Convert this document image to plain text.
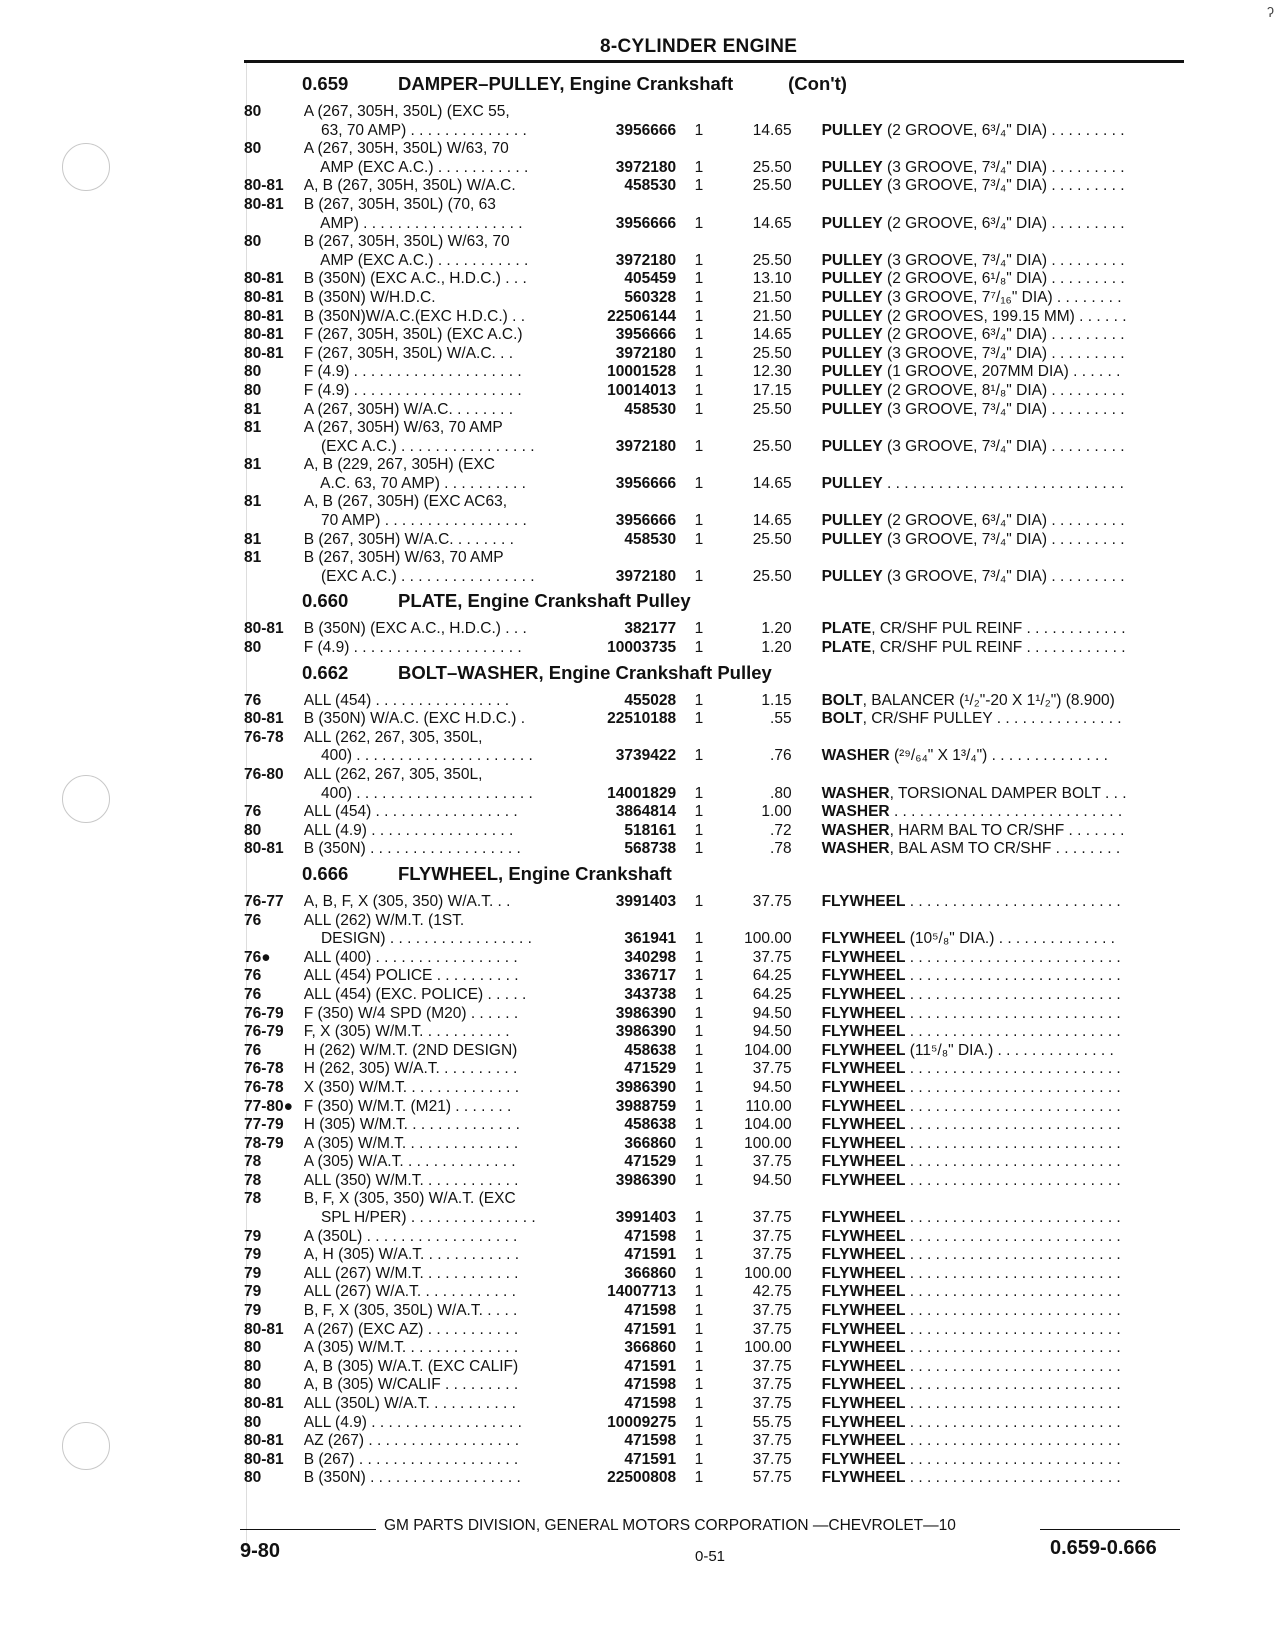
ʔ
8-CYLINDER ENGINE
0.659	DAMPER–PULLEY, Engine Crankshaft	(Con't)
80	A (267, 305H, 350L) (EXC 55,
63, 70 AMP) . . . . . . . . . . . . . .	3956666	1	14.65	PULLEY (2 GROOVE, 6³/₄" DIA) . . . . . . . . .
80	A (267, 305H, 350L) W/63, 70
AMP (EXC A.C.) . . . . . . . . . . .	3972180	1	25.50	PULLEY (3 GROOVE, 7³/₄" DIA) . . . . . . . . .
80-81	A, B (267, 305H, 350L) W/A.C.	458530	1	25.50	PULLEY (3 GROOVE, 7³/₄" DIA) . . . . . . . . .
80-81	B (267, 305H, 350L) (70, 63
AMP) . . . . . . . . . . . . . . . . . . .	3956666	1	14.65	PULLEY (2 GROOVE, 6³/₄" DIA) . . . . . . . . .
80	B (267, 305H, 350L) W/63, 70
AMP (EXC A.C.) . . . . . . . . . . .	3972180	1	25.50	PULLEY (3 GROOVE, 7³/₄" DIA) . . . . . . . . .
80-81	B (350N) (EXC A.C., H.D.C.) . . .	405459	1	13.10	PULLEY (2 GROOVE, 6¹/₈" DIA) . . . . . . . . .
80-81	B (350N) W/H.D.C.	560328	1	21.50	PULLEY (3 GROOVE, 7⁷/₁₆" DIA) . . . . . . . .
80-81	B (350N)W/A.C.(EXC H.D.C.) . .	22506144	1	21.50	PULLEY (2 GROOVES, 199.15 MM) . . . . . .
80-81	F (267, 305H, 350L) (EXC A.C.)	3956666	1	14.65	PULLEY (2 GROOVE, 6³/₄" DIA) . . . . . . . . .
80-81	F (267, 305H, 350L) W/A.C. . .	3972180	1	25.50	PULLEY (3 GROOVE, 7³/₄" DIA) . . . . . . . . .
80	F (4.9) . . . . . . . . . . . . . . . . . . . .	10001528	1	12.30	PULLEY (1 GROOVE, 207MM DIA) . . . . . .
80	F (4.9) . . . . . . . . . . . . . . . . . . . .	10014013	1	17.15	PULLEY (2 GROOVE, 8¹/₈" DIA) . . . . . . . . .
81	A (267, 305H) W/A.C. . . . . . . .	458530	1	25.50	PULLEY (3 GROOVE, 7³/₄" DIA) . . . . . . . . .
81	A (267, 305H) W/63, 70 AMP
(EXC A.C.) . . . . . . . . . . . . . . . .	3972180	1	25.50	PULLEY (3 GROOVE, 7³/₄" DIA) . . . . . . . . .
81	A, B (229, 267, 305H) (EXC
A.C. 63, 70 AMP) . . . . . . . . . .	3956666	1	14.65	PULLEY . . . . . . . . . . . . . . . . . . . . . . . . . . . .
81	A, B (267, 305H) (EXC AC63,
70 AMP) . . . . . . . . . . . . . . . . .	3956666	1	14.65	PULLEY (2 GROOVE, 6³/₄" DIA) . . . . . . . . .
81	B (267, 305H) W/A.C. . . . . . . .	458530	1	25.50	PULLEY (3 GROOVE, 7³/₄" DIA) . . . . . . . . .
81	B (267, 305H) W/63, 70 AMP
(EXC A.C.) . . . . . . . . . . . . . . . .	3972180	1	25.50	PULLEY (3 GROOVE, 7³/₄" DIA) . . . . . . . . .
0.660	PLATE, Engine Crankshaft Pulley
80-81	B (350N) (EXC A.C., H.D.C.) . . .	382177	1	1.20	PLATE, CR/SHF PUL REINF . . . . . . . . . . . .
80	F (4.9) . . . . . . . . . . . . . . . . . . . .	10003735	1	1.20	PLATE, CR/SHF PUL REINF . . . . . . . . . . . .
0.662	BOLT–WASHER, Engine Crankshaft Pulley
76	ALL (454) . . . . . . . . . . . . . . . .	455028	1	1.15	BOLT, BALANCER (¹/₂"-20 X 1¹/₂") (8.900)
80-81	B (350N) W/A.C. (EXC H.D.C.) .	22510188	1	.55	BOLT, CR/SHF PULLEY . . . . . . . . . . . . . . .
76-78	ALL (262, 267, 305, 350L,
400) . . . . . . . . . . . . . . . . . . . . .	3739422	1	.76	WASHER (²⁹/₆₄" X 1³/₄") . . . . . . . . . . . . . .
76-80	ALL (262, 267, 305, 350L,
400) . . . . . . . . . . . . . . . . . . . . .	14001829	1	.80	WASHER, TORSIONAL DAMPER BOLT . . .
76	ALL (454) . . . . . . . . . . . . . . . . .	3864814	1	1.00	WASHER . . . . . . . . . . . . . . . . . . . . . . . . . . .
80	ALL (4.9) . . . . . . . . . . . . . . . . .	518161	1	.72	WASHER, HARM BAL TO CR/SHF . . . . . . .
80-81	B (350N) . . . . . . . . . . . . . . . . . .	568738	1	.78	WASHER, BAL ASM TO CR/SHF . . . . . . . .
0.666	FLYWHEEL, Engine Crankshaft
76-77	A, B, F, X (305, 350) W/A.T. . .	3991403	1	37.75	FLYWHEEL . . . . . . . . . . . . . . . . . . . . . . . . .
76	ALL (262) W/M.T. (1ST.
DESIGN) . . . . . . . . . . . . . . . . .	361941	1	100.00	FLYWHEEL (10⁵/₈" DIA.) . . . . . . . . . . . . . .
76●	ALL (400) . . . . . . . . . . . . . . . . .	340298	1	37.75	FLYWHEEL . . . . . . . . . . . . . . . . . . . . . . . . .
76	ALL (454) POLICE . . . . . . . . . .	336717	1	64.25	FLYWHEEL . . . . . . . . . . . . . . . . . . . . . . . . .
76	ALL (454) (EXC. POLICE) . . . . .	343738	1	64.25	FLYWHEEL . . . . . . . . . . . . . . . . . . . . . . . . .
76-79	F (350) W/4 SPD (M20) . . . . . .	3986390	1	94.50	FLYWHEEL . . . . . . . . . . . . . . . . . . . . . . . . .
76-79	F, X (305) W/M.T. . . . . . . . . . .	3986390	1	94.50	FLYWHEEL . . . . . . . . . . . . . . . . . . . . . . . . .
76	H (262) W/M.T. (2ND DESIGN)	458638	1	104.00	FLYWHEEL (11⁵/₈" DIA.) . . . . . . . . . . . . . .
76-78	H (262, 305) W/A.T. . . . . . . . . .	471529	1	37.75	FLYWHEEL . . . . . . . . . . . . . . . . . . . . . . . . .
76-78	X (350) W/M.T. . . . . . . . . . . . . .	3986390	1	94.50	FLYWHEEL . . . . . . . . . . . . . . . . . . . . . . . . .
77-80● F (350) W/M.T. (M21) . . . . . . .	3988759	1	110.00	FLYWHEEL . . . . . . . . . . . . . . . . . . . . . . . . .
77-79	H (305) W/M.T. . . . . . . . . . . . . .	458638	1	104.00	FLYWHEEL . . . . . . . . . . . . . . . . . . . . . . . . .
78-79	A (305) W/M.T. . . . . . . . . . . . . .	366860	1	100.00	FLYWHEEL . . . . . . . . . . . . . . . . . . . . . . . . .
78	A (305) W/A.T. . . . . . . . . . . . . .	471529	1	37.75	FLYWHEEL . . . . . . . . . . . . . . . . . . . . . . . . .
78	ALL (350) W/M.T. . . . . . . . . . . .	3986390	1	94.50	FLYWHEEL . . . . . . . . . . . . . . . . . . . . . . . . .
78	B, F, X (305, 350) W/A.T. (EXC
SPL H/PER) . . . . . . . . . . . . . . .	3991403	1	37.75	FLYWHEEL . . . . . . . . . . . . . . . . . . . . . . . . .
79	A (350L) . . . . . . . . . . . . . . . . . .	471598	1	37.75	FLYWHEEL . . . . . . . . . . . . . . . . . . . . . . . . .
79	A, H (305) W/A.T. . . . . . . . . . . .	471591	1	37.75	FLYWHEEL . . . . . . . . . . . . . . . . . . . . . . . . .
79	ALL (267) W/M.T. . . . . . . . . . . .	366860	1	100.00	FLYWHEEL . . . . . . . . . . . . . . . . . . . . . . . . .
79	ALL (267) W/A.T. . . . . . . . . . . .	14007713	1	42.75	FLYWHEEL . . . . . . . . . . . . . . . . . . . . . . . . .
79	B, F, X (305, 350L) W/A.T. . . . .	471598	1	37.75	FLYWHEEL . . . . . . . . . . . . . . . . . . . . . . . . .
80-81	A (267) (EXC AZ) . . . . . . . . . . .	471591	1	37.75	FLYWHEEL . . . . . . . . . . . . . . . . . . . . . . . . .
80	A (305) W/M.T. . . . . . . . . . . . . .	366860	1	100.00	FLYWHEEL . . . . . . . . . . . . . . . . . . . . . . . . .
80	A, B (305) W/A.T. (EXC CALIF)	471591	1	37.75	FLYWHEEL . . . . . . . . . . . . . . . . . . . . . . . . .
80	A, B (305) W/CALIF . . . . . . . . .	471598	1	37.75	FLYWHEEL . . . . . . . . . . . . . . . . . . . . . . . . .
80-81	ALL (350L) W/A.T. . . . . . . . . . .	471598	1	37.75	FLYWHEEL . . . . . . . . . . . . . . . . . . . . . . . . .
80	ALL (4.9) . . . . . . . . . . . . . . . . . .	10009275	1	55.75	FLYWHEEL . . . . . . . . . . . . . . . . . . . . . . . . .
80-81	AZ (267) . . . . . . . . . . . . . . . . . .	471598	1	37.75	FLYWHEEL . . . . . . . . . . . . . . . . . . . . . . . . .
80-81	B (267) . . . . . . . . . . . . . . . . . . .	471591	1	37.75	FLYWHEEL . . . . . . . . . . . . . . . . . . . . . . . . .
80	B (350N) . . . . . . . . . . . . . . . . . .	22500808	1	57.75	FLYWHEEL . . . . . . . . . . . . . . . . . . . . . . . . .
GM PARTS DIVISION, GENERAL MOTORS CORPORATION —CHEVROLET—10
9-80	0-51	0.659-0.666
